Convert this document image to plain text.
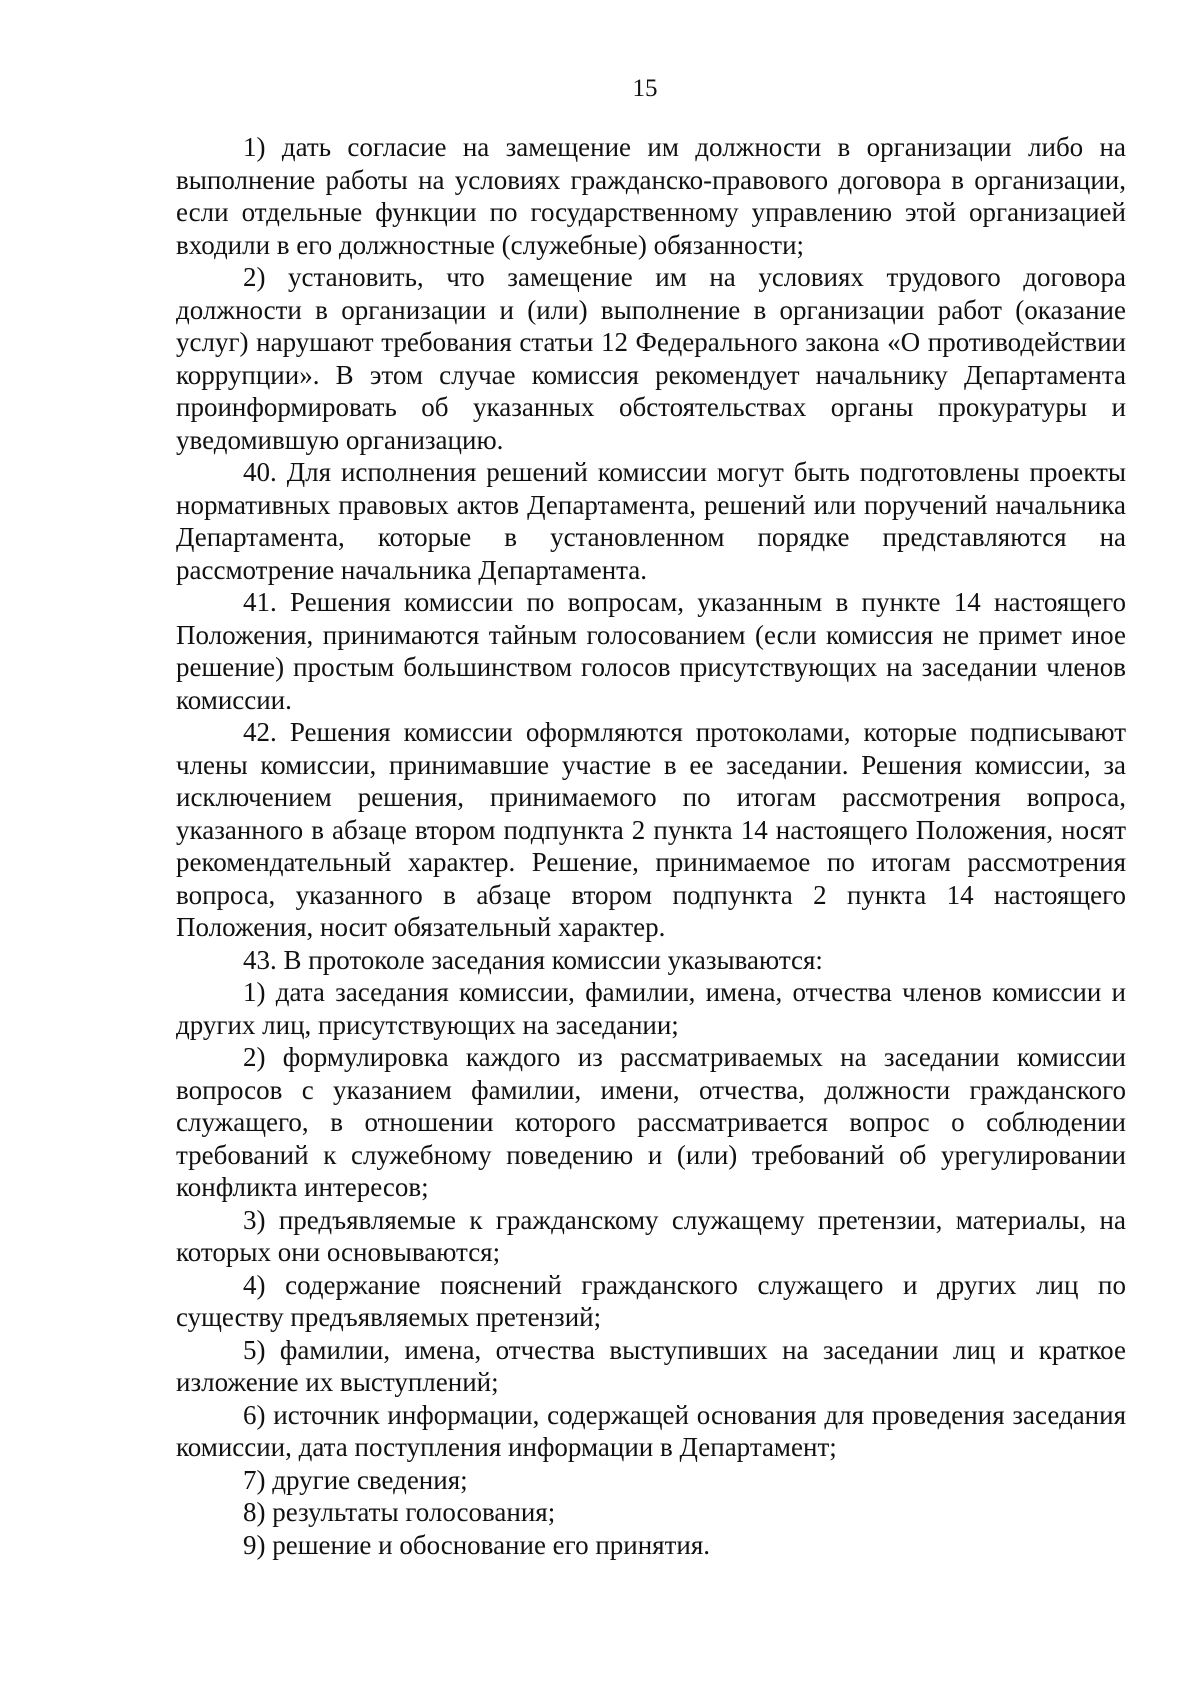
15

1) дать согласие на замещение им должности в организации либо на выполнение работы на условиях гражданско-правового договора в организации, если отдельные функции по государственному управлению этой организацией входили в его должностные (служебные) обязанности;

2) установить, что замещение им на условиях трудового договора должности в организации и (или) выполнение в организации работ (оказание услуг) нарушают требования статьи 12 Федерального закона «О противодействии коррупции». В этом случае комиссия рекомендует начальнику Департамента проинформировать об указанных обстоятельствах органы прокуратуры и уведомившую организацию.

40. Для исполнения решений комиссии могут быть подготовлены проекты нормативных правовых актов Департамента, решений или поручений начальника Департамента, которые в установленном порядке представляются на рассмотрение начальника Департамента.

41. Решения комиссии по вопросам, указанным в пункте 14 настоящего Положения, принимаются тайным голосованием (если комиссия не примет иное решение) простым большинством голосов присутствующих на заседании членов комиссии.

42. Решения комиссии оформляются протоколами, которые подписывают члены комиссии, принимавшие участие в ее заседании. Решения комиссии, за исключением решения, принимаемого по итогам рассмотрения вопроса, указанного в абзаце втором подпункта 2 пункта 14 настоящего Положения, носят рекомендательный характер. Решение, принимаемое по итогам рассмотрения вопроса, указанного в абзаце втором подпункта 2 пункта 14 настоящего Положения, носит обязательный характер.

43. В протоколе заседания комиссии указываются:

1) дата заседания комиссии, фамилии, имена, отчества членов комиссии и других лиц, присутствующих на заседании;

2) формулировка каждого из рассматриваемых на заседании комиссии вопросов с указанием фамилии, имени, отчества, должности гражданского служащего, в отношении которого рассматривается вопрос о соблюдении требований к служебному поведению и (или) требований об урегулировании конфликта интересов;

3) предъявляемые к гражданскому служащему претензии, материалы, на которых они основываются;

4) содержание пояснений гражданского служащего и других лиц по существу предъявляемых претензий;

5) фамилии, имена, отчества выступивших на заседании лиц и краткое изложение их выступлений;

6) источник информации, содержащей основания для проведения заседания комиссии, дата поступления информации в Департамент;

7) другие сведения;

8) результаты голосования;

9) решение и обоснование его принятия.
